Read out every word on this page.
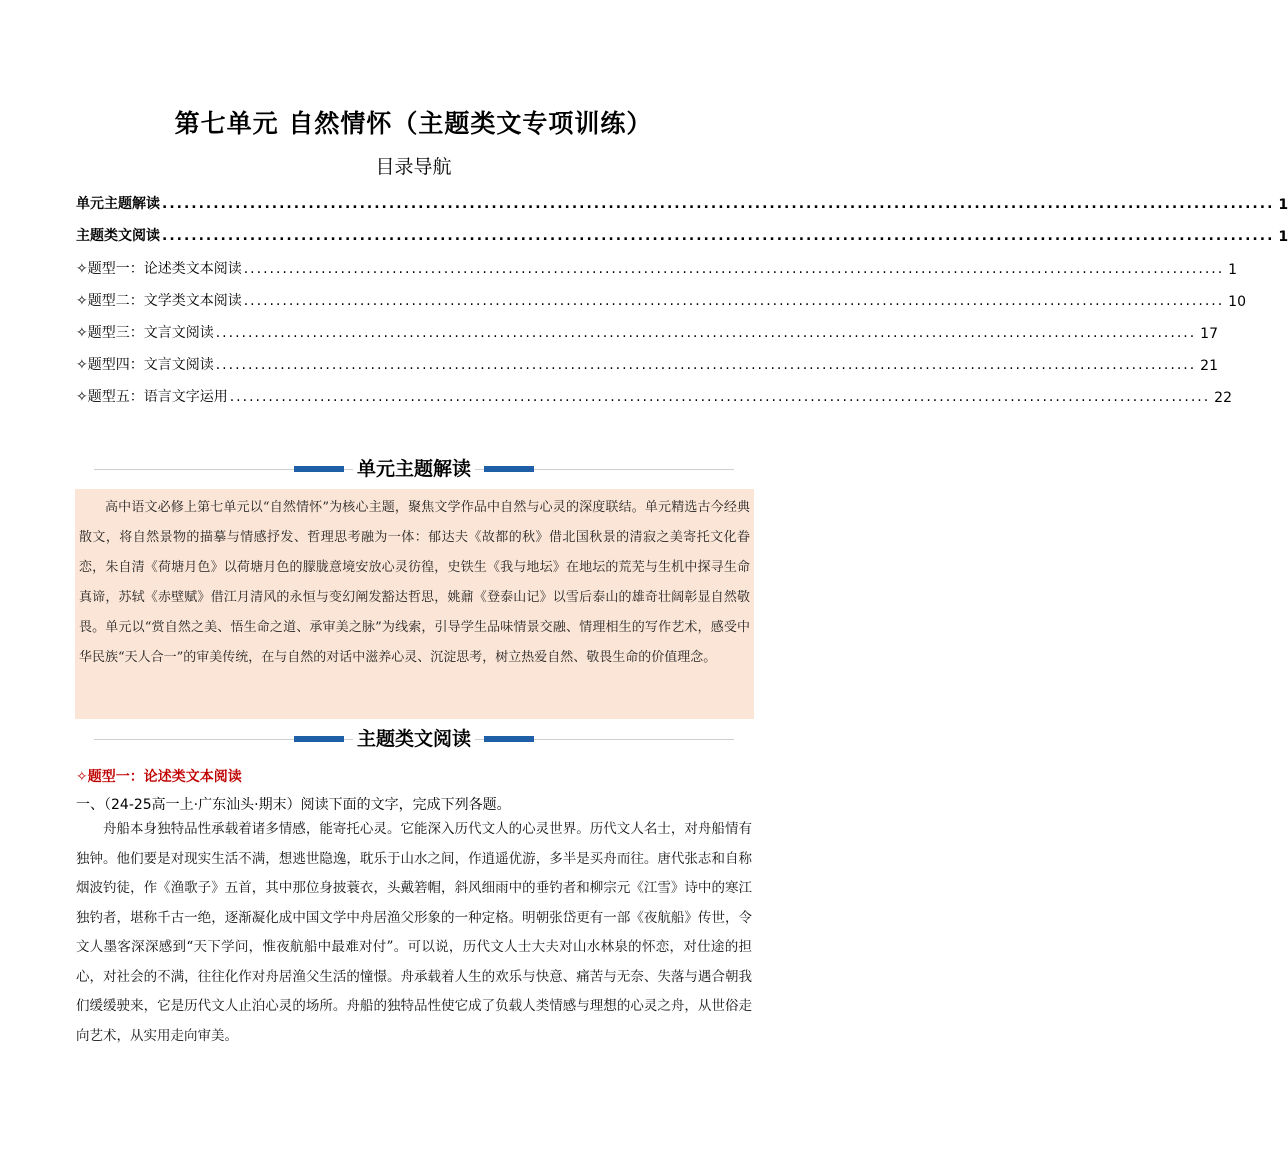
第七单元 自然情怀（主题类文专项训练）
目录导航
单元主题解读 ........................................................................................................................................................ 1
主题类文阅读 ........................................................................................................................................................ 1
✧题型一：论述类文本阅读 ........................................................................................................................................................ 1
✧题型二：文学类文本阅读 ........................................................................................................................................................ 10
✧题型三：文言文阅读 ........................................................................................................................................................ 17
✧题型四：文言文阅读 ........................................................................................................................................................ 21
✧题型五：语言文字运用 ........................................................................................................................................................ 22
单元主题解读

高中语文必修上第七单元以“自然情怀”为核心主题，聚焦文学作品中自然与心灵的深度联结。单元精选古今经典散文，将自然景物的描摹与情感抒发、哲理思考融为一体：郁达夫《故都的秋》借北国秋景的清寂之美寄托文化眷恋，朱自清《荷塘月色》以荷塘月色的朦胧意境安放心灵彷徨，史铁生《我与地坛》在地坛的荒芜与生机中探寻生命真谛，苏轼《赤壁赋》借江月清风的永恒与变幻阐发豁达哲思，姚鼐《登泰山记》以雪后泰山的雄奇壮阔彰显自然敬畏。单元以“赏自然之美、悟生命之道、承审美之脉”为线索，引导学生品味情景交融、情理相生的写作艺术，感受中华民族“天人合一”的审美传统，在与自然的对话中滋养心灵、沉淀思考，树立热爱自然、敬畏生命的价值理念。

主题类文阅读
✧题型一：论述类文本阅读
一、（24-25高一上·广东汕头·期末）阅读下面的文字，完成下列各题。

舟船本身独特品性承载着诸多情感，能寄托心灵。它能深入历代文人的心灵世界。历代文人名士，对舟船情有独钟。他们要是对现实生活不满，想逃世隐逸，耽乐于山水之间，作逍遥优游，多半是买舟而往。唐代张志和自称烟波钓徒，作《渔歌子》五首，其中那位身披蓑衣，头戴箬帽，斜风细雨中的垂钓者和柳宗元《江雪》诗中的寒江独钓者，堪称千古一绝，逐渐凝化成中国文学中舟居渔父形象的一种定格。明朝张岱更有一部《夜航船》传世，令文人墨客深深感到“天下学问，惟夜航船中最难对付”。可以说，历代文人士大夫对山水林泉的怀恋，对仕途的担心，对社会的不满，往往化作对舟居渔父生活的憧憬。舟承载着人生的欢乐与快意、痛苦与无奈、失落与遇合朝我们缓缓驶来，它是历代文人止泊心灵的场所。舟船的独特品性使它成了负载人类情感与理想的心灵之舟，从世俗走向艺术，从实用走向审美。
